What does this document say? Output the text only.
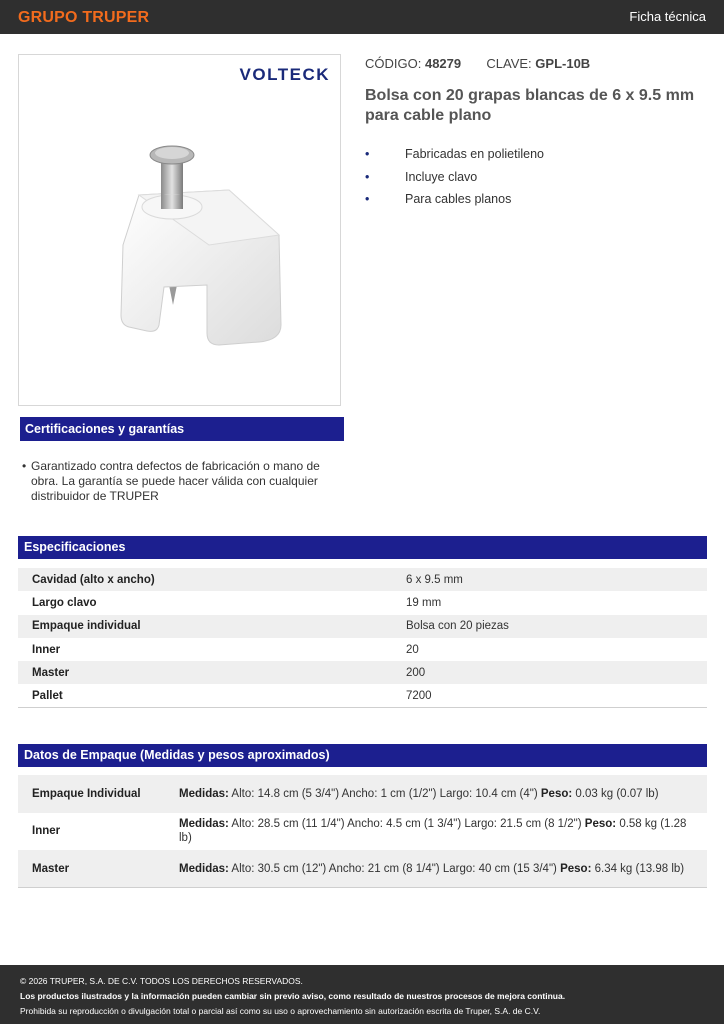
GRUPO TRUPER	Ficha técnica
VOLTECK
CÓDIGO: 48279 CLAVE: GPL-10B
Bolsa con 20 grapas blancas de 6 x 9.5 mm para cable plano
•	Fabricadas en polietileno
•	Incluye clavo
•	Para cables planos
Certificaciones y garantías
• Garantizado contra defectos de fabricación o mano de obra. La garantía se puede hacer válida con cualquier distribuidor de TRUPER
Especificaciones
Cavidad (alto x ancho)	6 x 9.5 mm
Largo clavo	19 mm
Empaque individual	Bolsa con 20 piezas
Inner	20
Master	200
Pallet	7200
Datos de Empaque (Medidas y pesos aproximados)
Empaque Individual	Medidas: Alto: 14.8 cm (5 3/4") Ancho: 1 cm (1/2") Largo: 10.4 cm (4") Peso: 0.03 kg (0.07 lb)
Inner	Medidas: Alto: 28.5 cm (11 1/4") Ancho: 4.5 cm (1 3/4") Largo: 21.5 cm (8 1/2") Peso: 0.58 kg (1.28 lb)
Master	Medidas: Alto: 30.5 cm (12") Ancho: 21 cm (8 1/4") Largo: 40 cm (15 3/4") Peso: 6.34 kg (13.98 lb)
© 2026 TRUPER, S.A. DE C.V. TODOS LOS DERECHOS RESERVADOS.
Los productos ilustrados y la información pueden cambiar sin previo aviso, como resultado de nuestros procesos de mejora continua.
Prohibida su reproducción o divulgación total o parcial así como su uso o aprovechamiento sin autorización escrita de Truper, S.A. de C.V.
